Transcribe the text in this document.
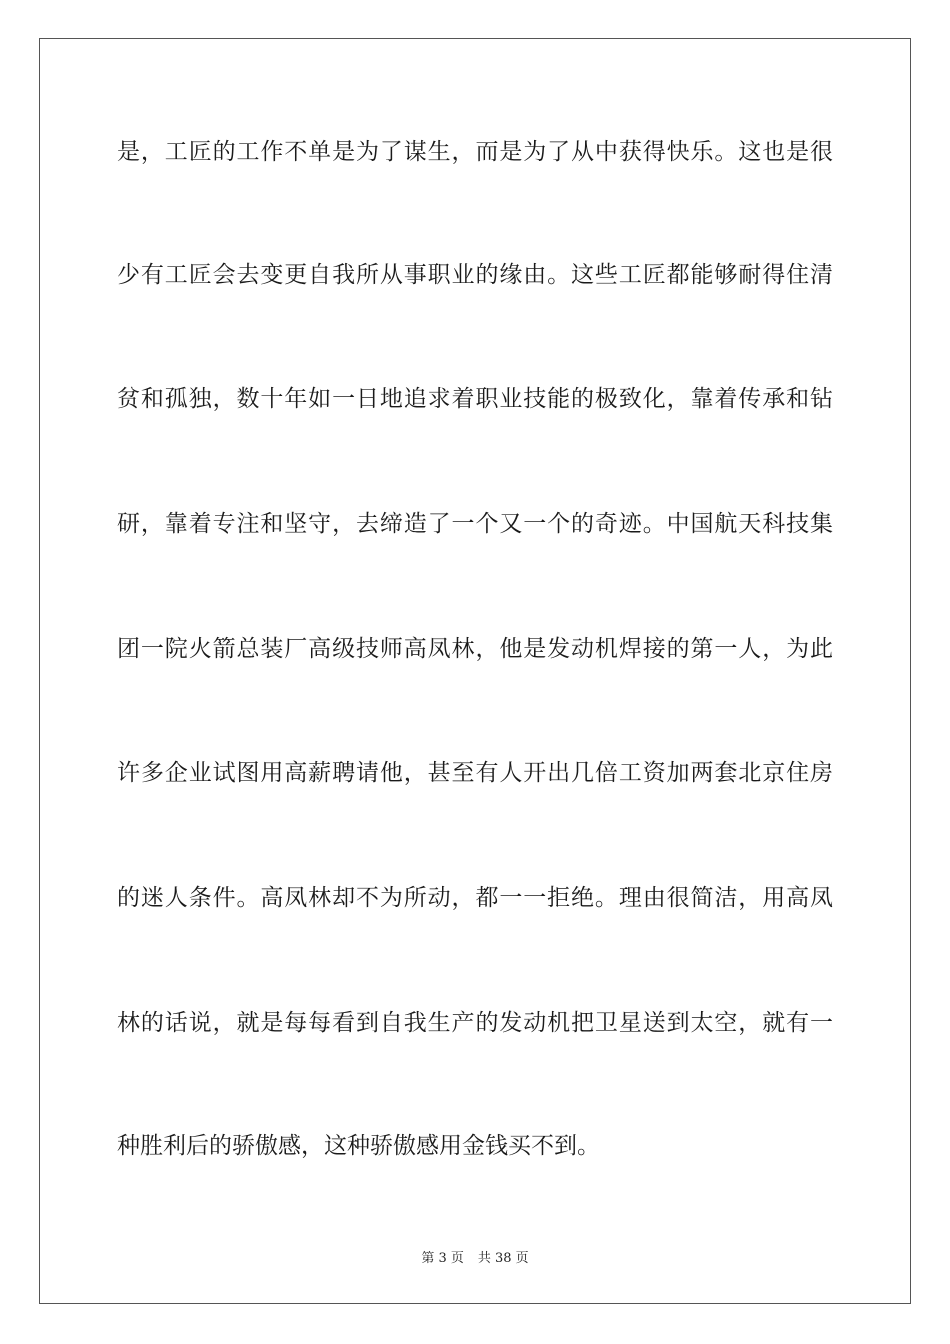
是，工匠的工作不单是为了谋生，而是为了从中获得快乐。这也是很
少有工匠会去变更自我所从事职业的缘由。这些工匠都能够耐得住清
贫和孤独，数十年如一日地追求着职业技能的极致化，靠着传承和钻
研，靠着专注和坚守，去缔造了一个又一个的奇迹。中国航天科技集
团一院火箭总装厂高级技师高凤林，他是发动机焊接的第一人，为此
许多企业试图用高薪聘请他，甚至有人开出几倍工资加两套北京住房
的迷人条件。高凤林却不为所动，都一一拒绝。理由很简洁，用高凤
林的话说，就是每每看到自我生产的发动机把卫星送到太空，就有一
种胜利后的骄傲感，这种骄傲感用金钱买不到。
第 3 页 共 38 页
